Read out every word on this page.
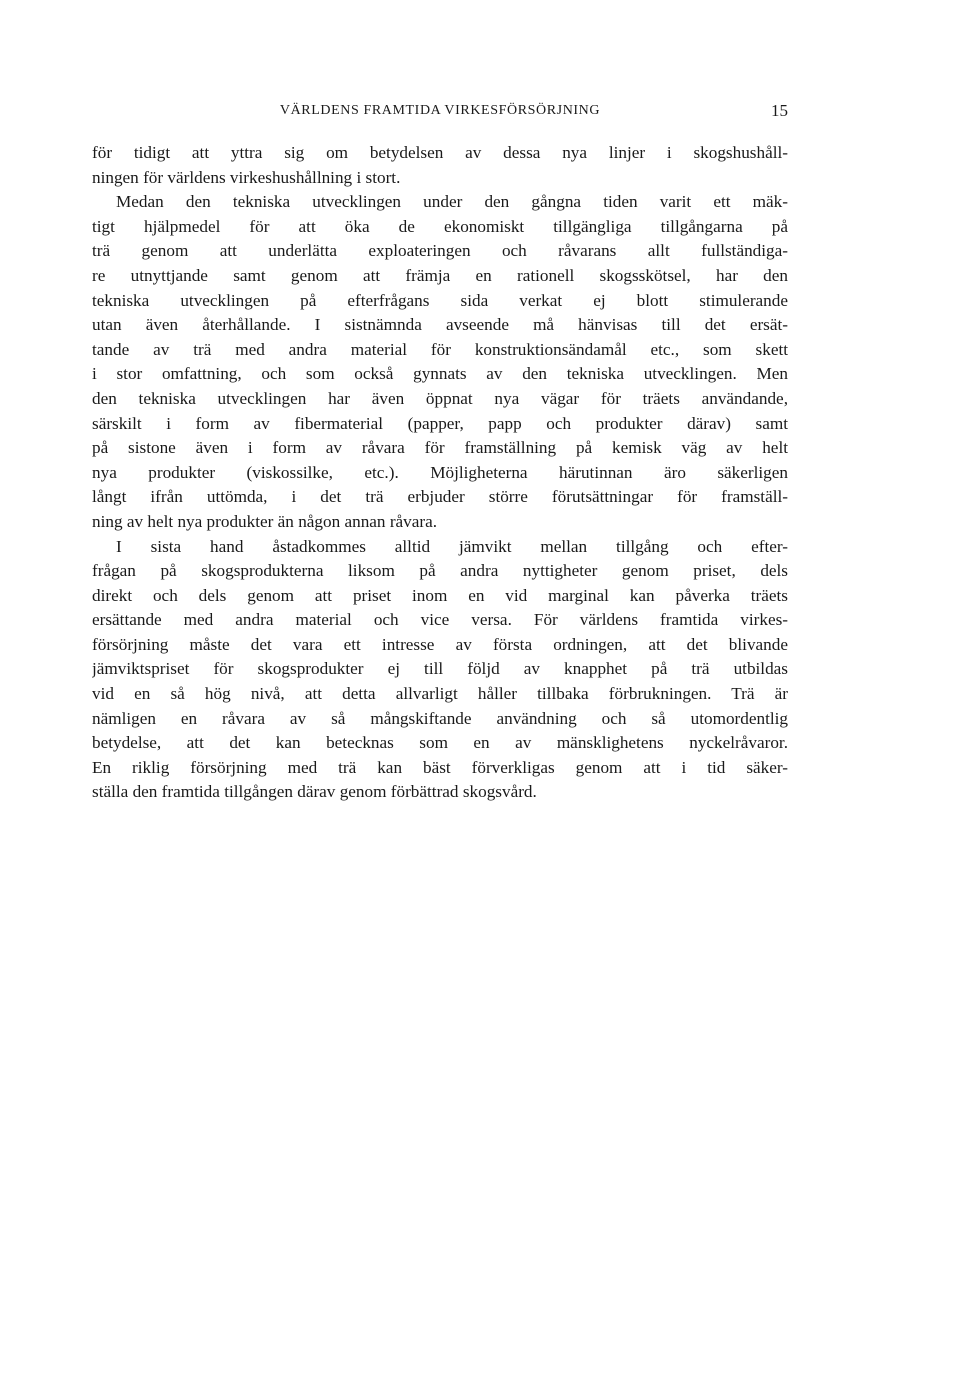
VÄRLDENS FRAMTIDA VIRKESFÖRSÖRJNING	15
för tidigt att yttra sig om betydelsen av dessa nya linjer i skogshushåll-
ningen för världens virkeshushållning i stort.
Medan den tekniska utvecklingen under den gångna tiden varit ett mäk-
tigt hjälpmedel för att öka de ekonomiskt tillgängliga tillgångarna på
trä genom att underlätta exploateringen och råvarans allt fullständiga-
re utnyttjande samt genom att främja en rationell skogsskötsel, har den
tekniska utvecklingen på efterfrågans sida verkat ej blott stimulerande
utan även återhållande. I sistnämnda avseende må hänvisas till det ersät-
tande av trä med andra material för konstruktionsändamål etc., som skett
i stor omfattning, och som också gynnats av den tekniska utvecklingen. Men
den tekniska utvecklingen har även öppnat nya vägar för träets användande,
särskilt i form av fibermaterial (papper, papp och produkter därav) samt
på sistone även i form av råvara för framställning på kemisk väg av helt
nya produkter (viskossilke, etc.). Möjligheterna härutinnan äro säkerligen
långt ifrån uttömda, i det trä erbjuder större förutsättningar för framställ-
ning av helt nya produkter än någon annan råvara.
I sista hand åstadkommes alltid jämvikt mellan tillgång och efter-
frågan på skogsprodukterna liksom på andra nyttigheter genom priset, dels
direkt och dels genom att priset inom en vid marginal kan påverka träets
ersättande med andra material och vice versa. För världens framtida virkes-
försörjning måste det vara ett intresse av första ordningen, att det blivande
jämviktspriset för skogsprodukter ej till följd av knapphet på trä utbildas
vid en så hög nivå, att detta allvarligt håller tillbaka förbrukningen. Trä är
nämligen en råvara av så mångskiftande användning och så utomordentlig
betydelse, att det kan betecknas som en av mänsklighetens nyckelråvaror.
En riklig försörjning med trä kan bäst förverkligas genom att i tid säker-
ställa den framtida tillgången därav genom förbättrad skogsvård.
